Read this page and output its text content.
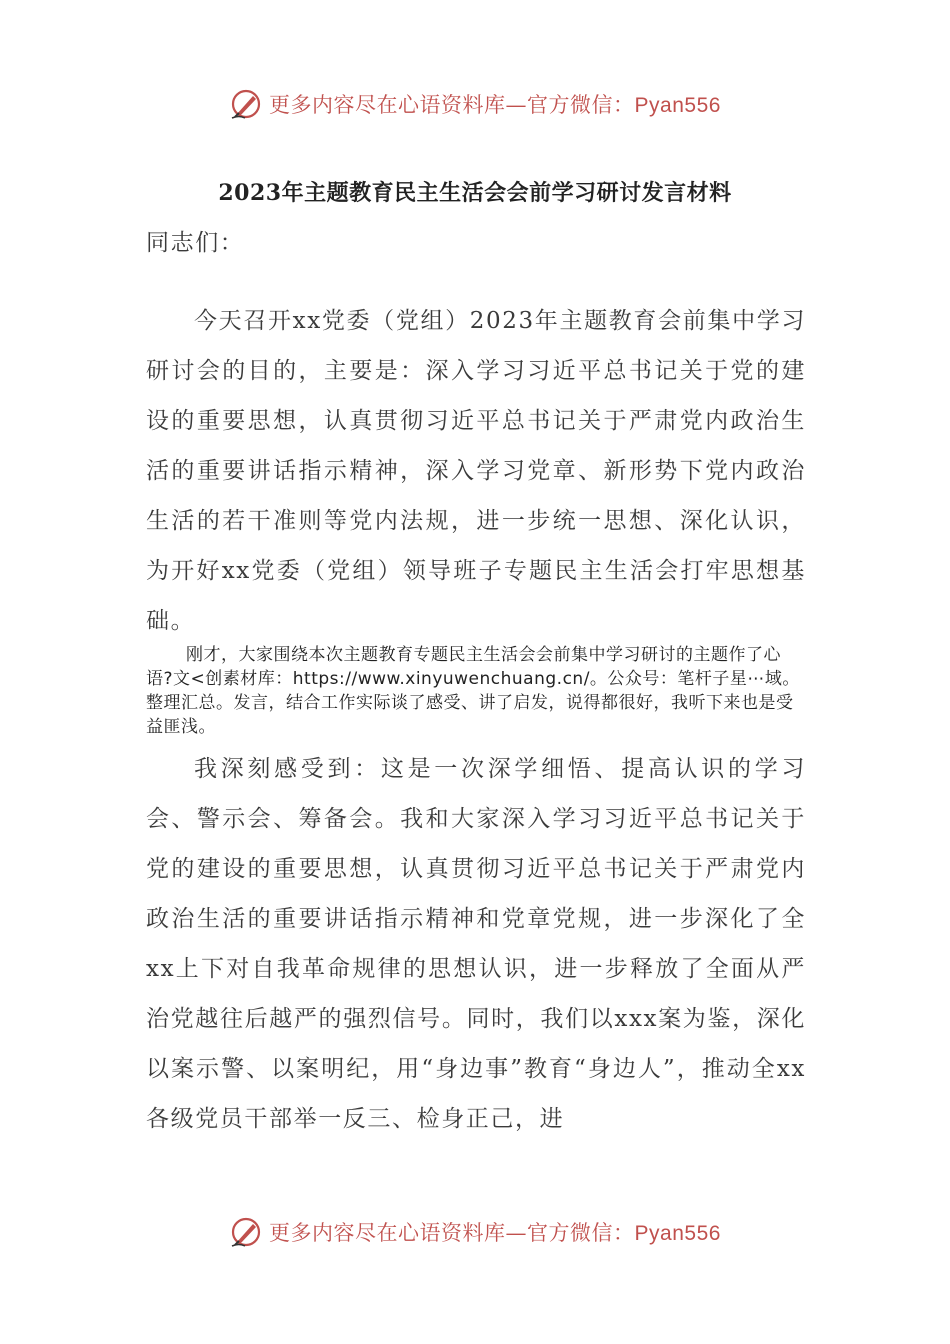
更多内容尽在心语资料库—官方微信：Pyan556
2023年主题教育民主生活会会前学习研讨发言材料
同志们：
今天召开xx党委（党组）2023年主题教育会前集中学习研讨会的目的，主要是：深入学习习近平总书记关于党的建设的重要思想，认真贯彻习近平总书记关于严肃党内政治生活的重要讲话指示精神，深入学习党章、新形势下党内政治生活的若干准则等党内法规，进一步统一思想、深化认识，为开好xx党委（党组）领导班子专题民主生活会打牢思想基础。
刚才，大家围绕本次主题教育专题民主生活会会前集中学习研讨的主题作了心语?文<创素材库：https://www.xinyuwenchuang.cn/。公众号：笔杆子星⋯域。整理汇总。发言，结合工作实际谈了感受、讲了启发，说得都很好，我听下来也是受益匪浅。
我深刻感受到：这是一次深学细悟、提高认识的学习会、警示会、筹备会。我和大家深入学习习近平总书记关于党的建设的重要思想，认真贯彻习近平总书记关于严肃党内政治生活的重要讲话指示精神和党章党规，进一步深化了全xx上下对自我革命规律的思想认识，进一步释放了全面从严治党越往后越严的强烈信号。同时，我们以xxx案为鉴，深化以案示警、以案明纪，用“身边事”教育“身边人”，推动全xx各级党员干部举一反三、检身正己，进
更多内容尽在心语资料库—官方微信：Pyan556
